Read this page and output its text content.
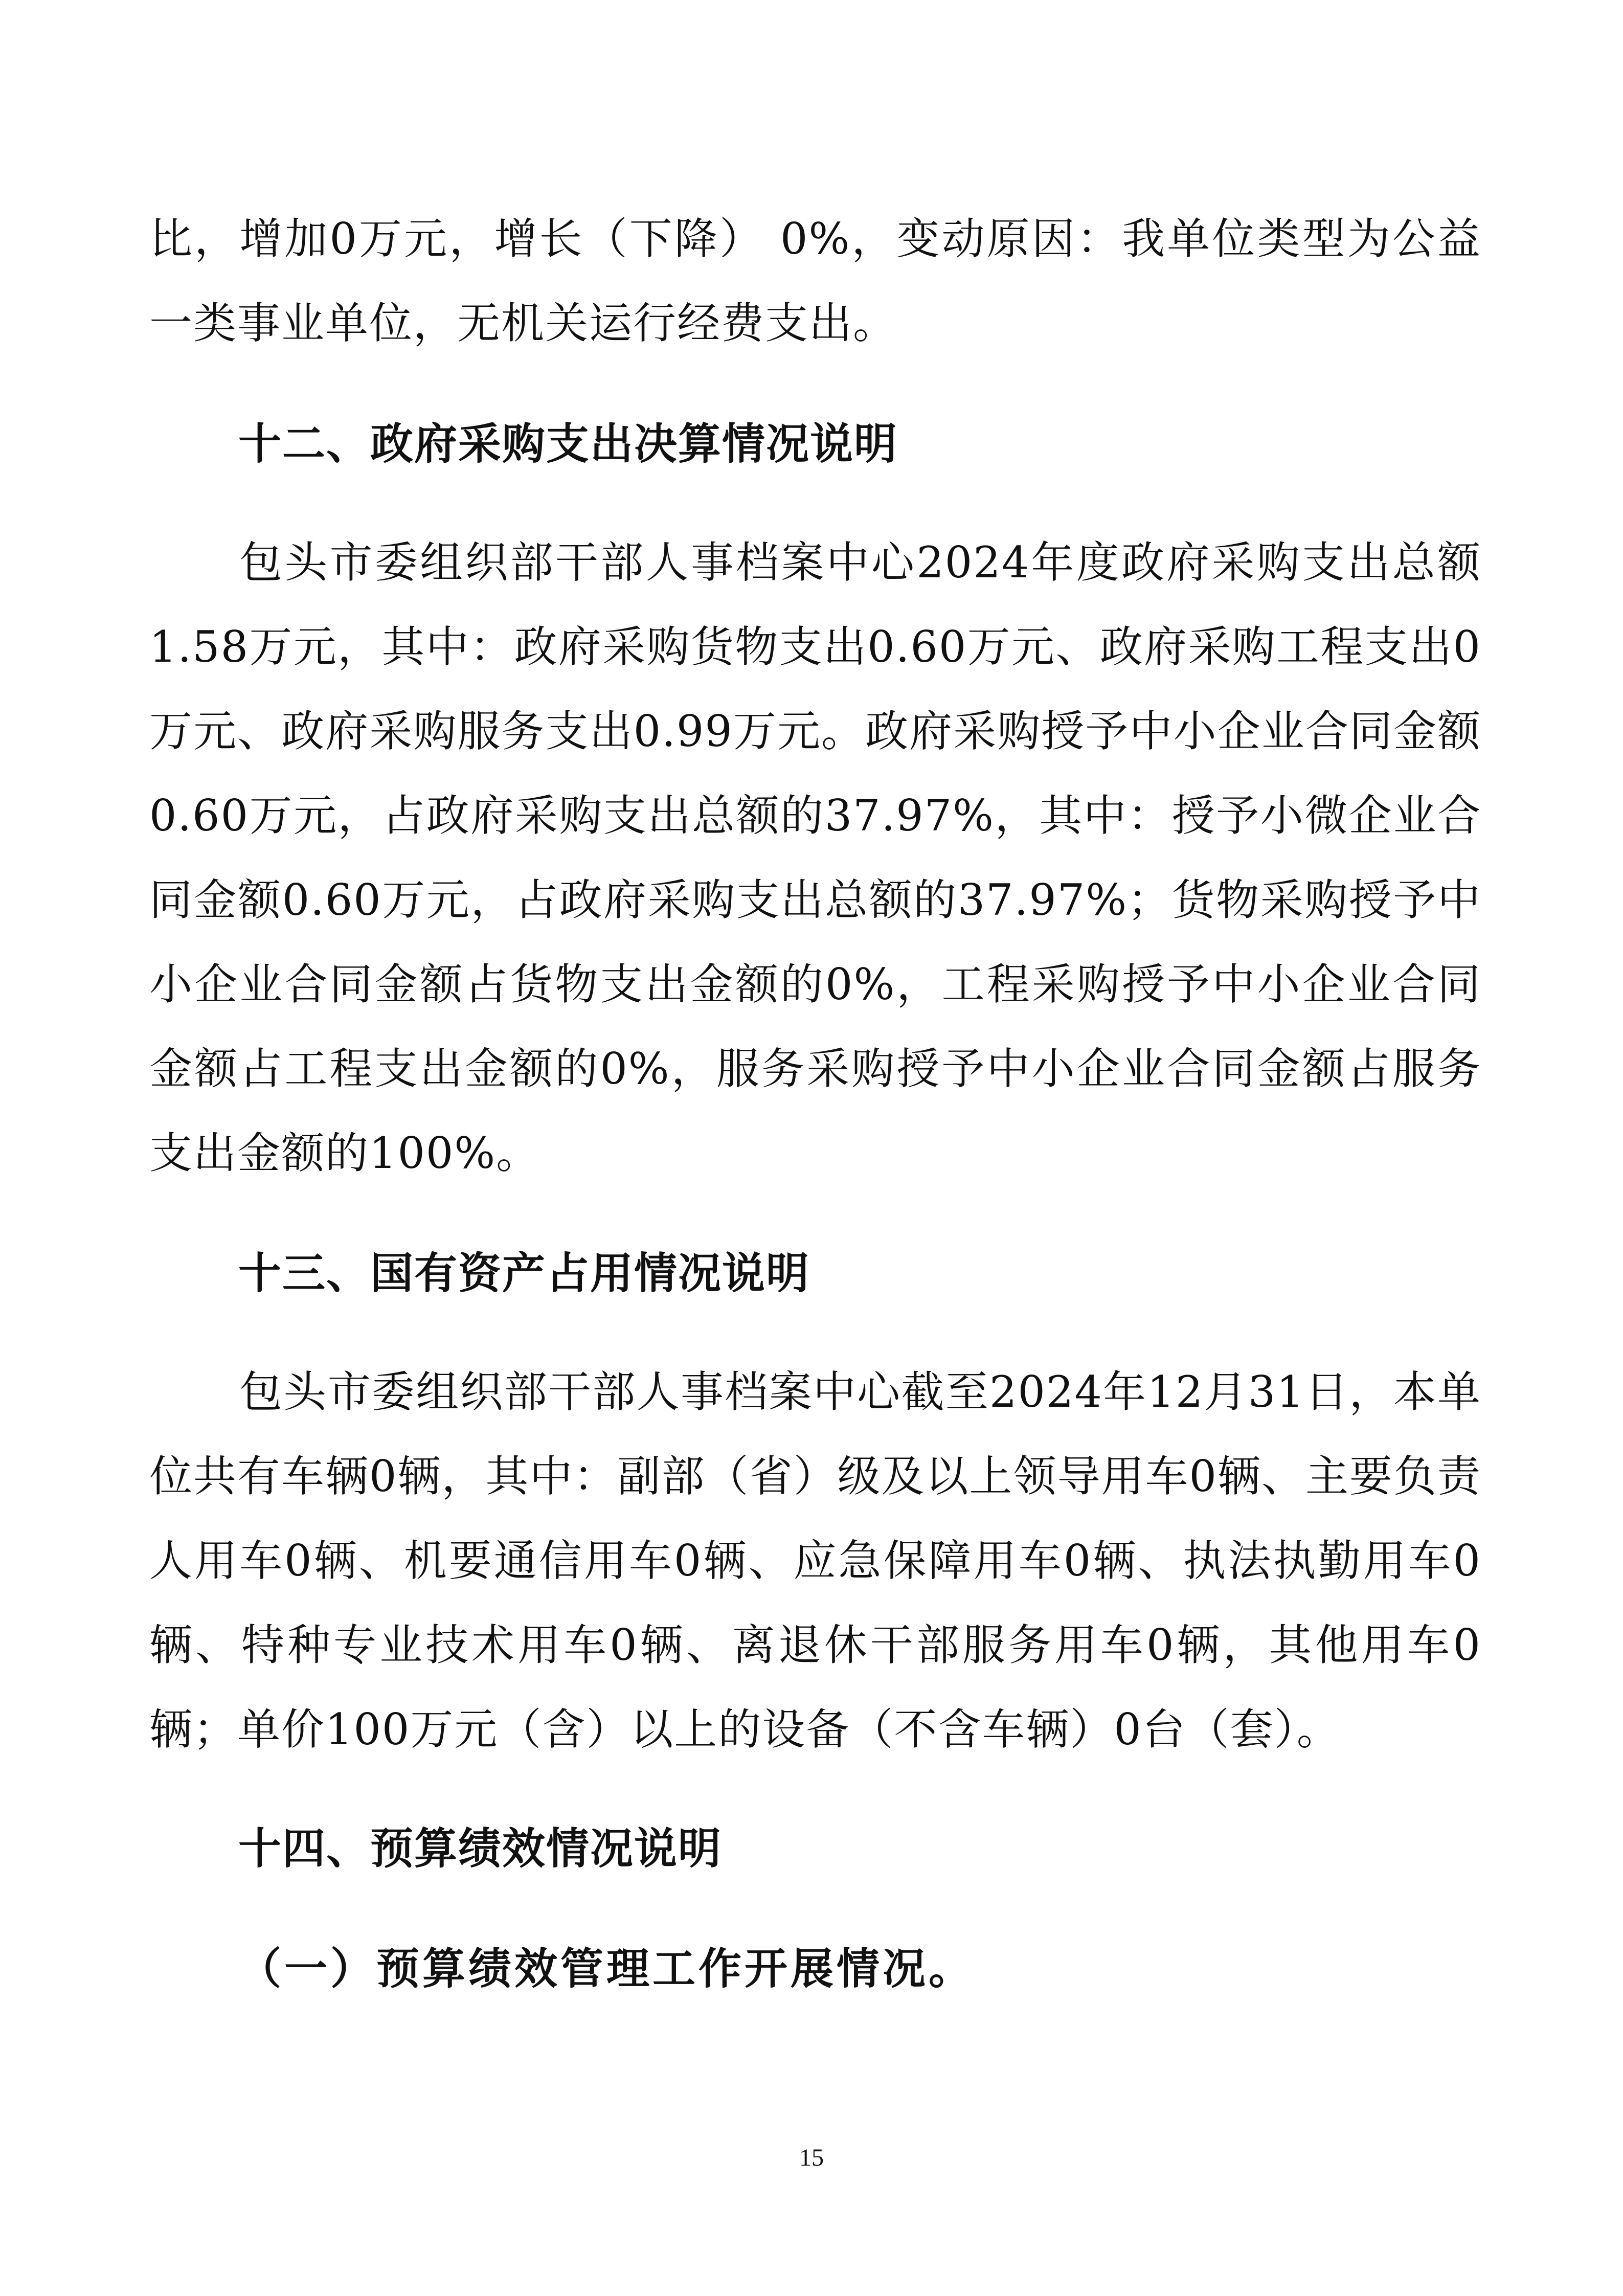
比，增加0万元，增长（下降） 0%，变动原因：我单位类型为公益一类事业单位，无机关运行经费支出。

十二、政府采购支出决算情况说明

包头市委组织部干部人事档案中心2024年度政府采购支出总额1.58万元，其中：政府采购货物支出0.60万元、政府采购工程支出0万元、政府采购服务支出0.99万元。政府采购授予中小企业合同金额0.60万元，占政府采购支出总额的37.97%，其中：授予小微企业合同金额0.60万元，占政府采购支出总额的37.97%；货物采购授予中小企业合同金额占货物支出金额的0%，工程采购授予中小企业合同金额占工程支出金额的0%，服务采购授予中小企业合同金额占服务支出金额的100%。

十三、国有资产占用情况说明

包头市委组织部干部人事档案中心截至2024年12月31日，本单位共有车辆0辆，其中：副部（省）级及以上领导用车0辆、主要负责人用车0辆、机要通信用车0辆、应急保障用车0辆、执法执勤用车0辆、特种专业技术用车0辆、离退休干部服务用车0辆，其他用车0辆；单价100万元（含）以上的设备（不含车辆）0台（套）。

十四、预算绩效情况说明
（一）预算绩效管理工作开展情况。
15
